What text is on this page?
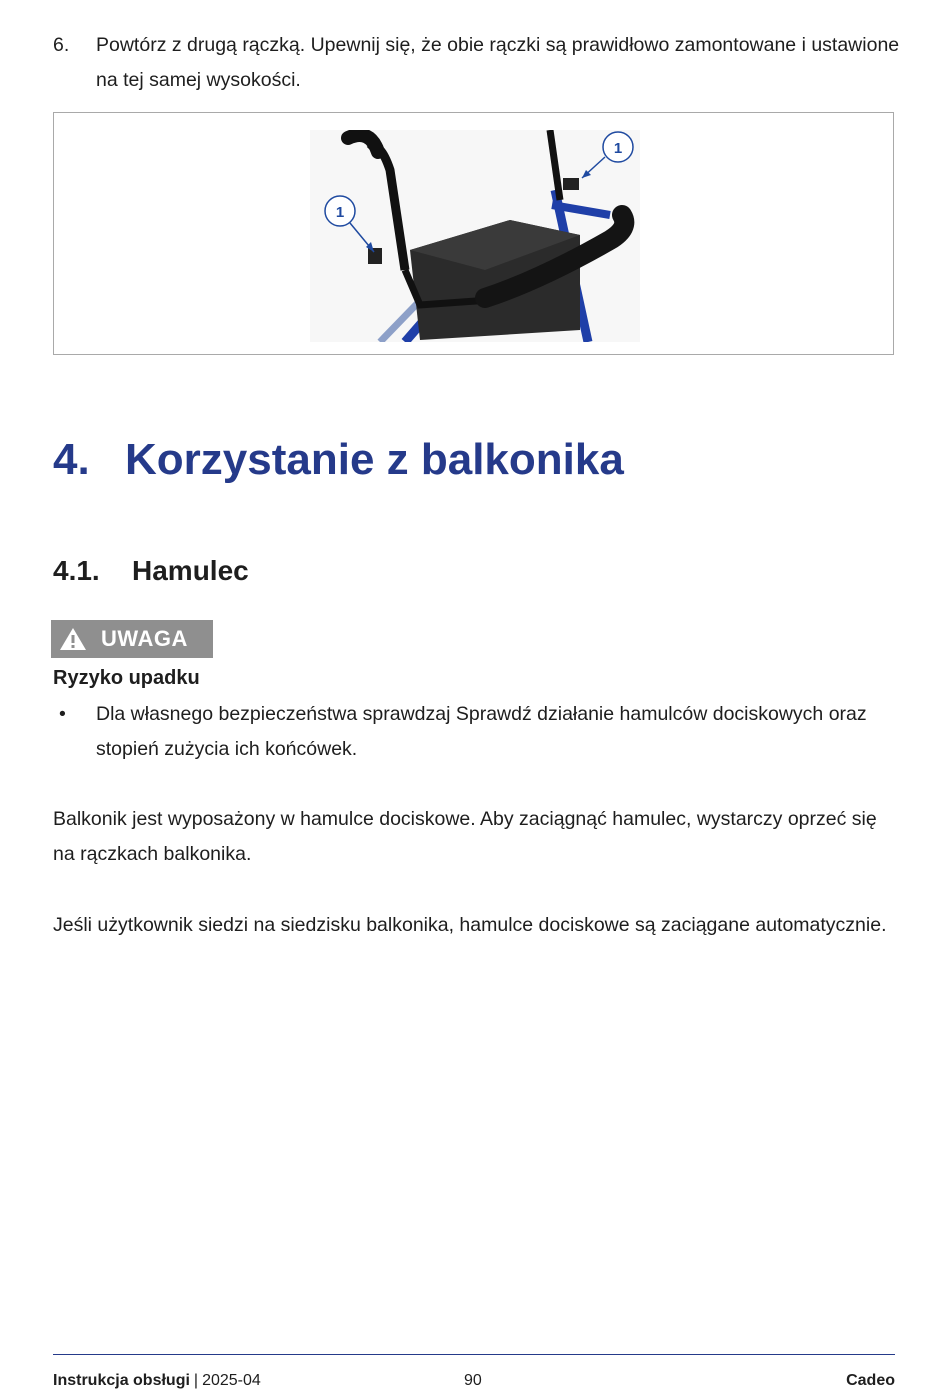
6. Powtórz z drugą rączką. Upewnij się, że obie rączki są prawidłowo zamontowane i ustawione na tej samej wysokości.
1
1
4. Korzystanie z balkonika
4.1. Hamulec
UWAGA
Ryzyko upadku
• Dla własnego bezpieczeństwa sprawdzaj Sprawdź działanie hamulców dociskowych oraz stopień zużycia ich końcówek.

Balkonik jest wyposażony w hamulce dociskowe. Aby zaciągnąć hamulec, wystarczy oprzeć się na rączkach balkonika.

Jeśli użytkownik siedzi na siedzisku balkonika, hamulce dociskowe są zaciągane automatycznie.

Instrukcja obsługi | 2025-04	90	Cadeo
